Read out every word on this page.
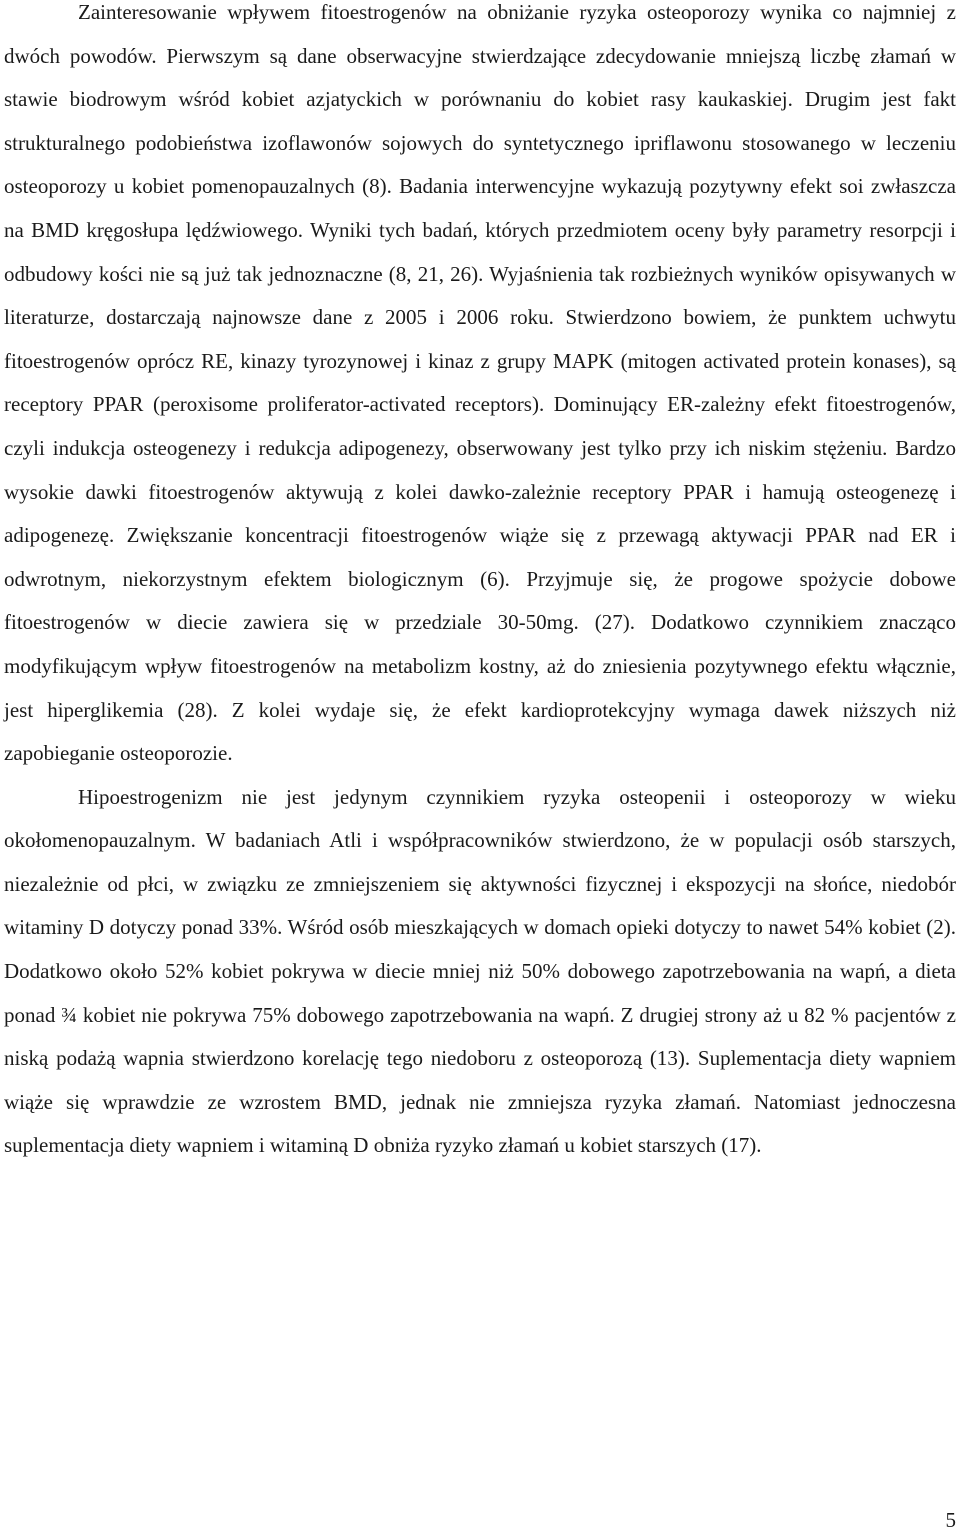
Zainteresowanie wpływem fitoestrogenów na obniżanie ryzyka osteoporozy wynika co najmniej z dwóch powodów. Pierwszym są dane obserwacyjne stwierdzające zdecydowanie mniejszą liczbę złamań w stawie biodrowym wśród kobiet azjatyckich w porównaniu do kobiet rasy kaukaskiej. Drugim jest fakt strukturalnego podobieństwa izoflawonów sojowych do syntetycznego ipriflawonu stosowanego w leczeniu osteoporozy u kobiet pomenopauzalnych (8). Badania interwencyjne wykazują pozytywny efekt soi zwłaszcza na BMD kręgosłupa lędźwiowego. Wyniki tych badań, których przedmiotem oceny były parametry resorpcji i odbudowy kości nie są już tak jednoznaczne (8, 21, 26). Wyjaśnienia tak rozbieżnych wyników opisywanych w literaturze, dostarczają najnowsze dane z 2005 i 2006 roku. Stwierdzono bowiem, że punktem uchwytu fitoestrogenów oprócz RE, kinazy tyrozynowej i kinaz z grupy MAPK (mitogen activated protein konases), są receptory PPAR (peroxisome proliferator-activated receptors). Dominujący ER-zależny efekt fitoestrogenów, czyli indukcja osteogenezy i redukcja adipogenezy, obserwowany jest tylko przy ich niskim stężeniu. Bardzo wysokie dawki fitoestrogenów aktywują z kolei dawko-zależnie receptory PPAR i hamują osteogenezę i adipogenezę. Zwiększanie koncentracji fitoestrogenów wiąże się z przewagą aktywacji PPAR nad ER i odwrotnym, niekorzystnym efektem biologicznym (6). Przyjmuje się, że progowe spożycie dobowe fitoestrogenów w diecie zawiera się w przedziale 30-50mg. (27). Dodatkowo czynnikiem znacząco modyfikującym wpływ fitoestrogenów na metabolizm kostny, aż do zniesienia pozytywnego efektu włącznie, jest hiperglikemia (28). Z kolei wydaje się, że efekt kardioprotekcyjny wymaga dawek niższych niż zapobieganie osteoporozie.

Hipoestrogenizm nie jest jedynym czynnikiem ryzyka osteopenii i osteoporozy w wieku okołomenopauzalnym. W badaniach Atli i współpracowników stwierdzono, że w populacji osób starszych, niezależnie od płci, w związku ze zmniejszeniem się aktywności fizycznej i ekspozycji na słońce, niedobór witaminy D dotyczy ponad 33%. Wśród osób mieszkających w domach opieki dotyczy to nawet 54% kobiet (2). Dodatkowo około 52% kobiet pokrywa w diecie mniej niż 50% dobowego zapotrzebowania na wapń, a dieta ponad ¾ kobiet nie pokrywa 75% dobowego zapotrzebowania na wapń. Z drugiej strony aż u 82 % pacjentów z niską podażą wapnia stwierdzono korelację tego niedoboru z osteoporozą (13). Suplementacja diety wapniem wiąże się wprawdzie ze wzrostem BMD, jednak nie zmniejsza ryzyka złamań. Natomiast jednoczesna suplementacja diety wapniem i witaminą D obniża ryzyko złamań u kobiet starszych (17).

5
